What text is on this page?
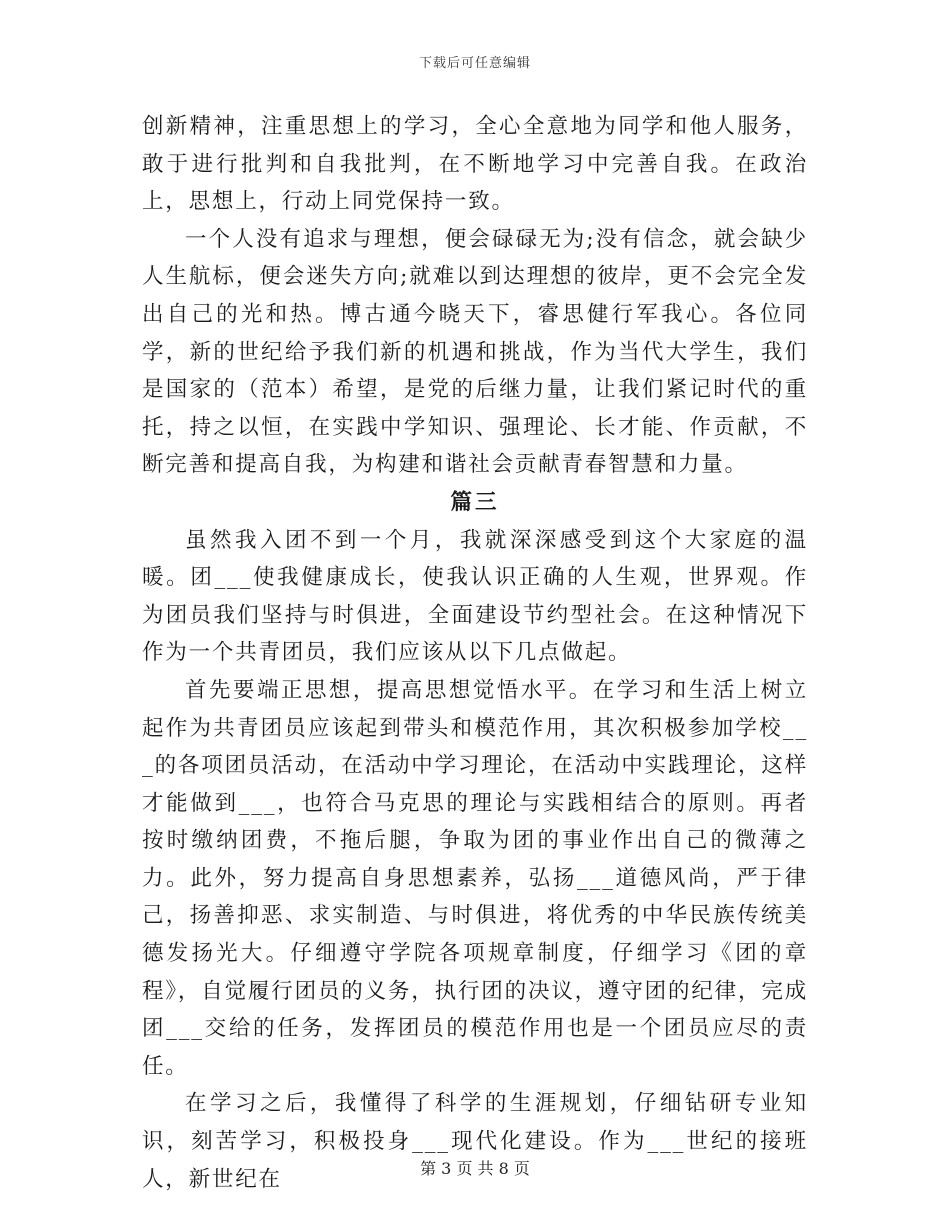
下载后可任意编辑

创新精神，注重思想上的学习，全心全意地为同学和他人服务，敢于进行批判和自我批判，在不断地学习中完善自我。在政治上，思想上，行动上同党保持一致。

一个人没有追求与理想，便会碌碌无为;没有信念，就会缺少人生航标，便会迷失方向;就难以到达理想的彼岸，更不会完全发出自己的光和热。博古通今晓天下，睿思健行军我心。各位同学，新的世纪给予我们新的机遇和挑战，作为当代大学生，我们是国家的（范本）希望，是党的后继力量，让我们紧记时代的重托，持之以恒，在实践中学知识、强理论、长才能、作贡献，不断完善和提高自我，为构建和谐社会贡献青春智慧和力量。

篇三

虽然我入团不到一个月，我就深深感受到这个大家庭的温暖。团___使我健康成长，使我认识正确的人生观，世界观。作为团员我们坚持与时俱进，全面建设节约型社会。在这种情况下作为一个共青团员，我们应该从以下几点做起。

首先要端正思想，提高思想觉悟水平。在学习和生活上树立起作为共青团员应该起到带头和模范作用，其次积极参加学校___的各项团员活动，在活动中学习理论，在活动中实践理论，这样才能做到___，也符合马克思的理论与实践相结合的原则。再者按时缴纳团费，不拖后腿，争取为团的事业作出自己的微薄之力。此外，努力提高自身思想素养，弘扬___道德风尚，严于律己，扬善抑恶、求实制造、与时俱进，将优秀的中华民族传统美德发扬光大。仔细遵守学院各项规章制度，仔细学习《团的章程》，自觉履行团员的义务，执行团的决议，遵守团的纪律，完成团___交给的任务，发挥团员的模范作用也是一个团员应尽的责任。

在学习之后，我懂得了科学的生涯规划，仔细钻研专业知识，刻苦学习，积极投身___现代化建设。作为___世纪的接班人，新世纪在	第 3 页 共 8 页
